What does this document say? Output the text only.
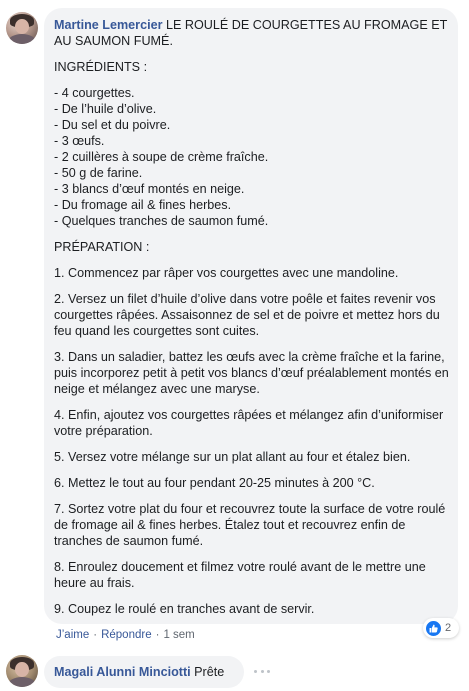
Martine Lemercier LE ROULÉ DE COURGETTES AU FROMAGE ET AU SAUMON FUMÉ.

INGRÉDIENTS :

- 4 courgettes.
- De l’huile d’olive.
- Du sel et du poivre.
- 3 œufs.
- 2 cuillères à soupe de crème fraîche.
- 50 g de farine.
- 3 blancs d’œuf montés en neige.
- Du fromage ail & fines herbes.
- Quelques tranches de saumon fumé.

PRÉPARATION :

1. Commencez par râper vos courgettes avec une mandoline.

2. Versez un filet d’huile d’olive dans votre poêle et faites revenir vos courgettes râpées. Assaisonnez de sel et de poivre et mettez hors du feu quand les courgettes sont cuites.

3. Dans un saladier, battez les œufs avec la crème fraîche et la farine, puis incorporez petit à petit vos blancs d’œuf préalablement montés en neige et mélangez avec une maryse.

4. Enfin, ajoutez vos courgettes râpées et mélangez afin d’uniformiser votre préparation.

5. Versez votre mélange sur un plat allant au four et étalez bien.

6. Mettez le tout au four pendant 20-25 minutes à 200 °C.

7. Sortez votre plat du four et recouvrez toute la surface de votre roulé de fromage ail & fines herbes. Étalez tout et recouvrez enfin de tranches de saumon fumé.

8. Enroulez doucement et filmez votre roulé avant de le mettre une heure au frais.

9. Coupez le roulé en tranches avant de servir.

2
J’aime · Répondre · 1 sem
Magali Alunni Minciotti Prête
